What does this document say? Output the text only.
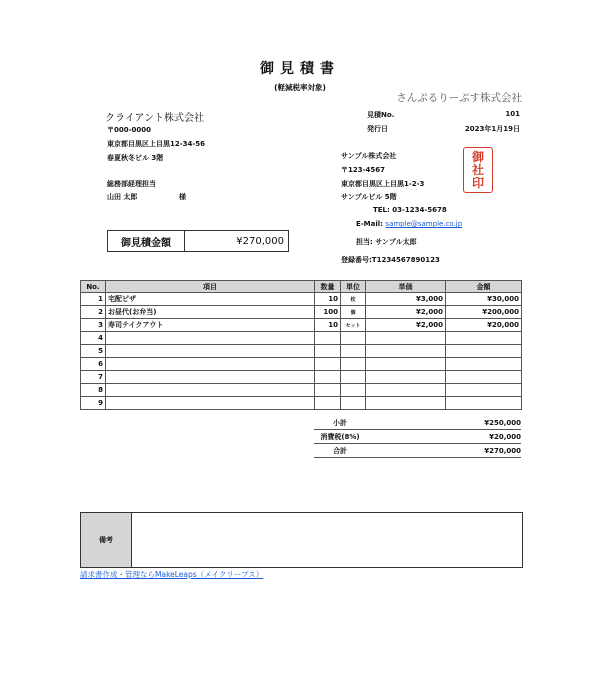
御見積書
(軽減税率対象)
さんぷるりーぷす株式会社
クライアント株式会社
〒000-0000
東京都目黒区上目黒12-34-56
春夏秋冬ビル 3階
総務部経理担当
山田 太郎	様
見積No.	101
発行日	2023年1月19日
サンプル株式会社
〒123-4567
東京都目黒区上目黒1-2-3
サンプルビル 5階
TEL: 03-1234-5678
E-Mail: sample@sample.co.jp
担当: サンプル太郎
登録番号:T1234567890123
御
社
印
御見積金額	¥270,000
No.	項目	数量	単位	単価	金額
1	宅配ピザ	10	枚	¥3,000	¥30,000
2	お昼代(お弁当)	100	個	¥2,000	¥200,000
3	寿司テイクアウト	10	セット	¥2,000	¥20,000
4					
5					
6					
7					
8					
9					
小計	¥250,000
消費税(8%)	¥20,000
合計	¥270,000
備考
請求書作成・管理ならMakeLeaps（メイクリープス）
